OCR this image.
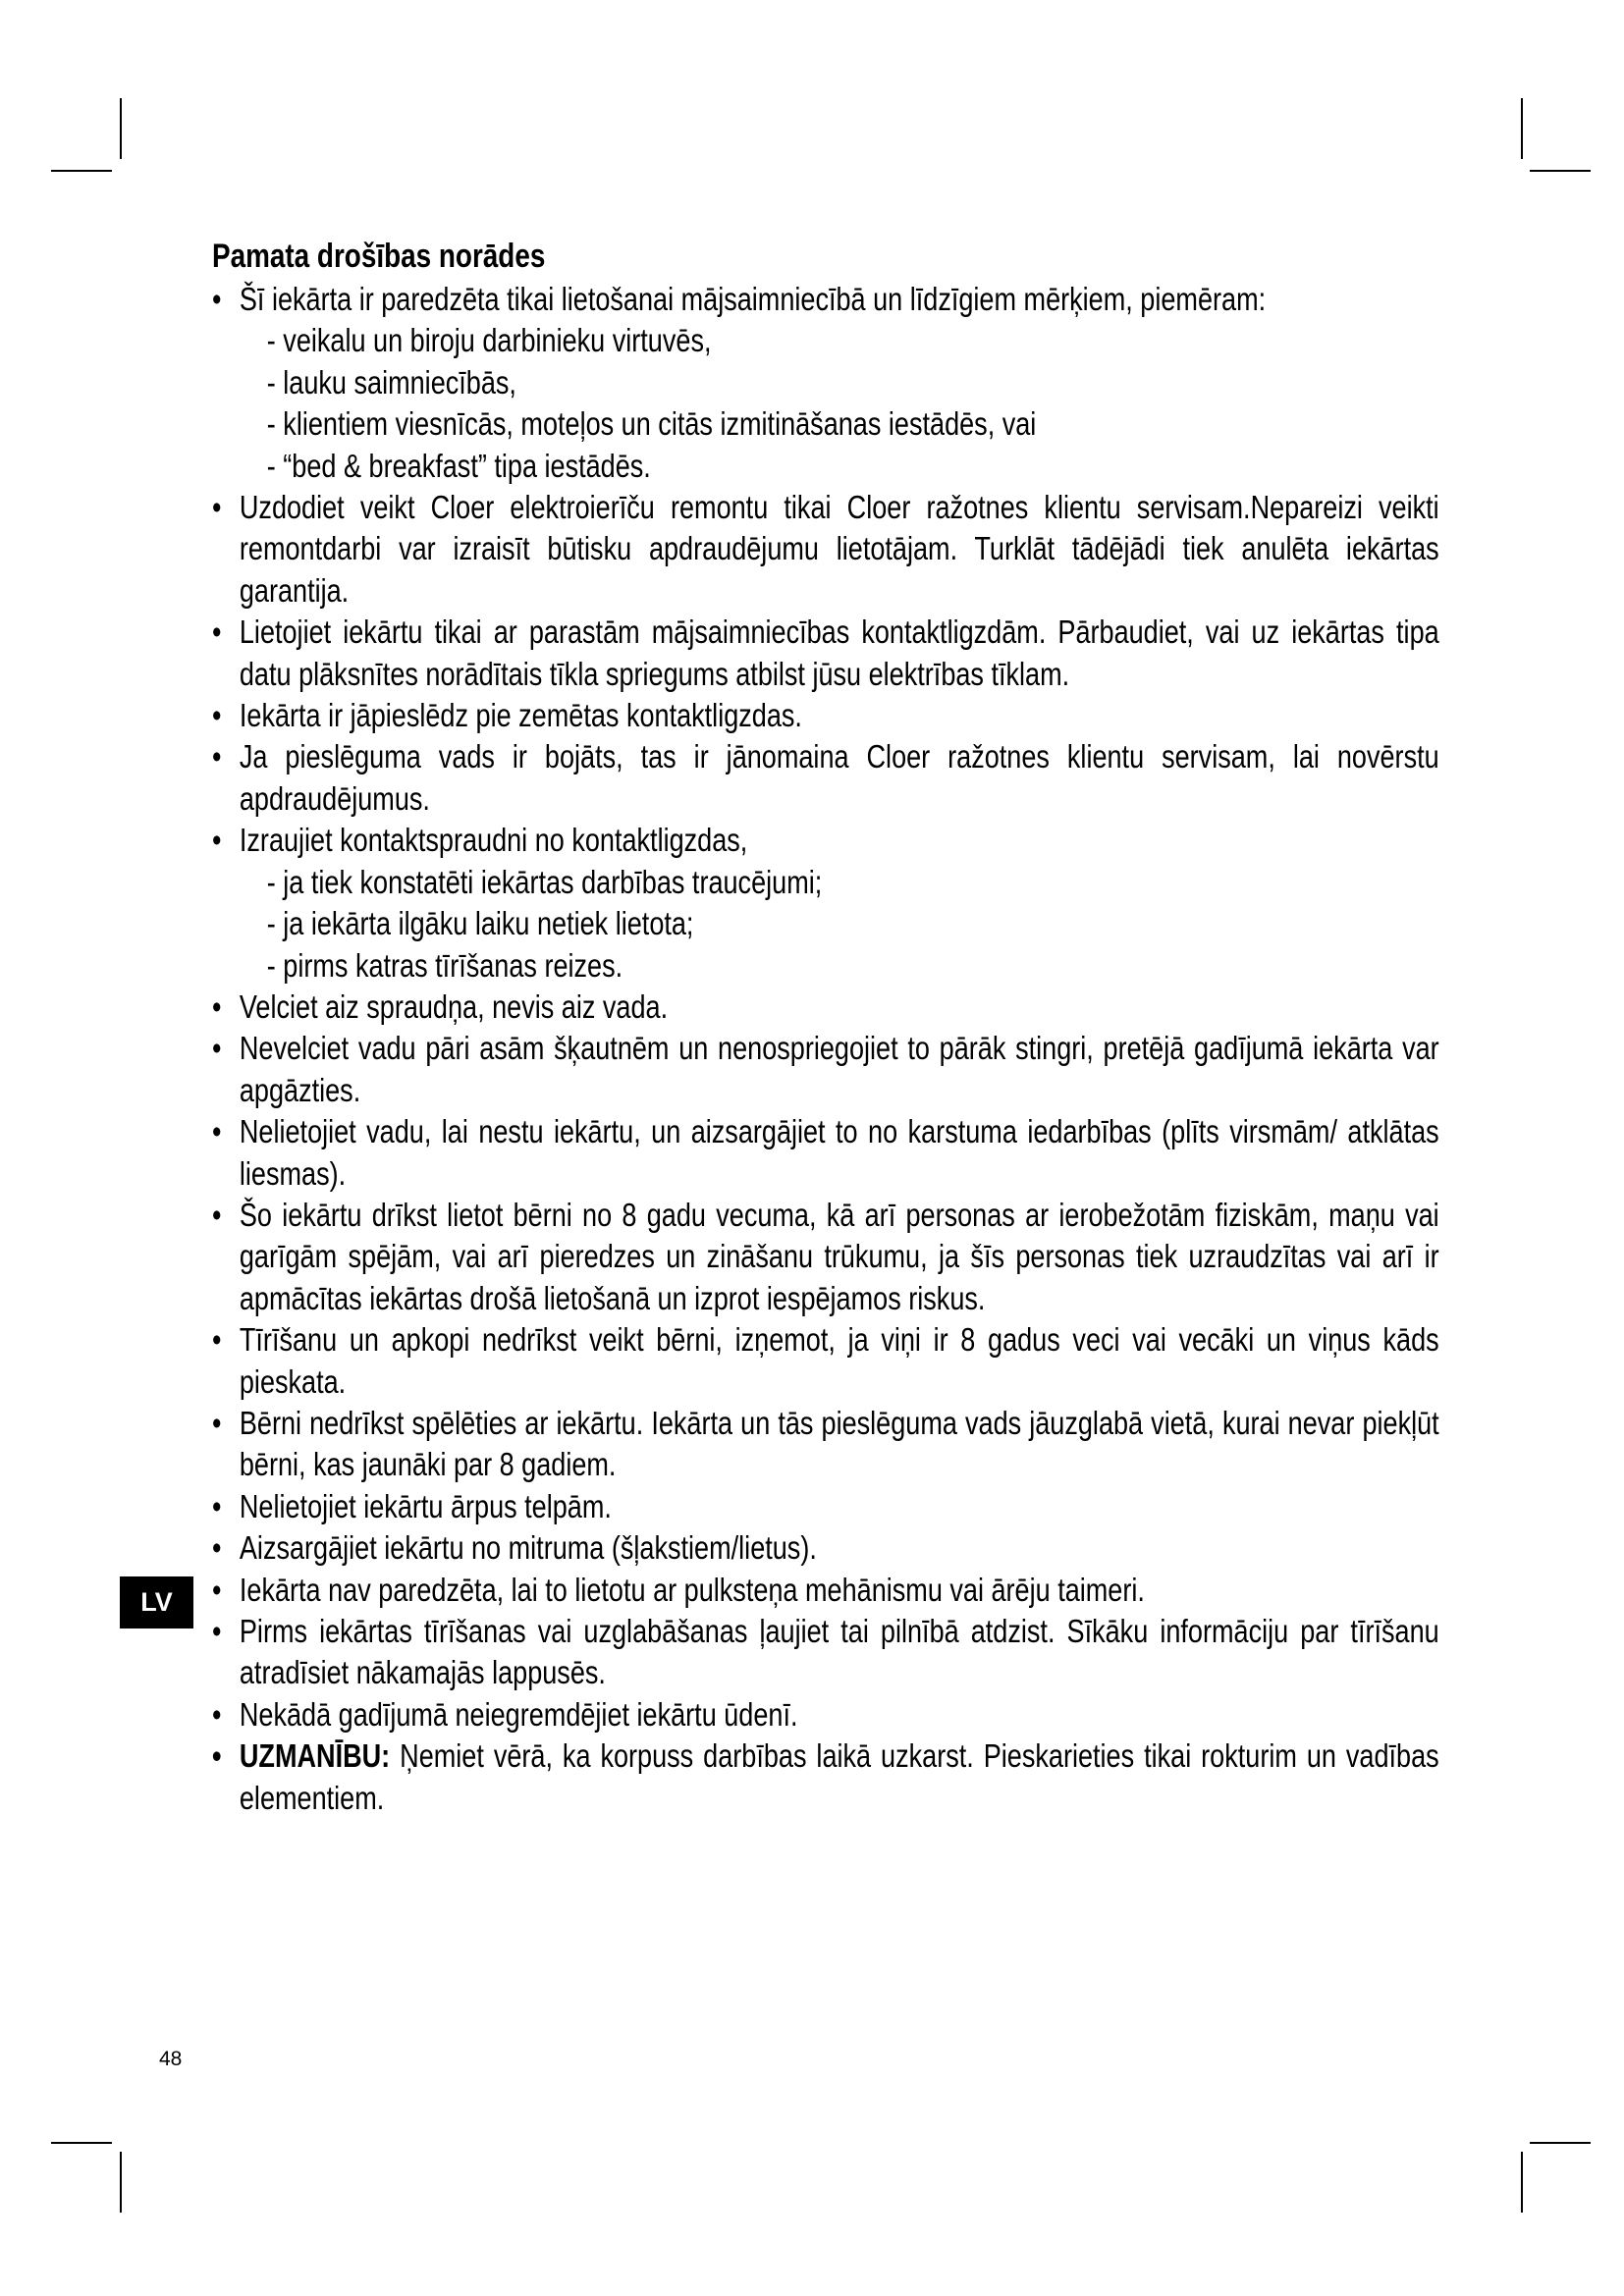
Pamata drošības norādes
• Šī iekārta ir paredzēta tikai lietošanai mājsaimniecībā un līdzīgiem mērķiem, piemēram:
- veikalu un biroju darbinieku virtuvēs,
- lauku saimniecībās,
- klientiem viesnīcās, moteļos un citās izmitināšanas iestādēs, vai
- “bed & breakfast” tipa iestādēs.
• Uzdodiet veikt Cloer elektroierīču remontu tikai Cloer ražotnes klientu servisam.Nepareizi veikti remontdarbi var izraisīt būtisku apdraudējumu lietotājam. Turklāt tādējādi tiek anulēta iekārtas garantija.
• Lietojiet iekārtu tikai ar parastām mājsaimniecības kontaktligzdām. Pārbaudiet, vai uz iekārtas tipa datu plāksnītes norādītais tīkla spriegums atbilst jūsu elektrības tīklam.
• Iekārta ir jāpieslēdz pie zemētas kontaktligzdas.
• Ja pieslēguma vads ir bojāts, tas ir jānomaina Cloer ražotnes klientu servisam, lai novērstu apdraudējumus.
• Izraujiet kontaktspraudni no kontaktligzdas,
- ja tiek konstatēti iekārtas darbības traucējumi;
- ja iekārta ilgāku laiku netiek lietota;
- pirms katras tīrīšanas reizes.
• Velciet aiz spraudņa, nevis aiz vada.
• Nevelciet vadu pāri asām šķautnēm un nenospriegojiet to pārāk stingri, pretējā gadījumā iekārta var apgāzties.
• Nelietojiet vadu, lai nestu iekārtu, un aizsargājiet to no karstuma iedarbības (plīts virsmām/ atklātas liesmas).
• Šo iekārtu drīkst lietot bērni no 8 gadu vecuma, kā arī personas ar ierobežotām fiziskām, maņu vai garīgām spējām, vai arī pieredzes un zināšanu trūkumu, ja šīs personas tiek uzraudzītas vai arī ir apmācītas iekārtas drošā lietošanā un izprot iespējamos riskus.
• Tīrīšanu un apkopi nedrīkst veikt bērni, izņemot, ja viņi ir 8 gadus veci vai vecāki un viņus kāds pieskata.
• Bērni nedrīkst spēlēties ar iekārtu. Iekārta un tās pieslēguma vads jāuzglabā vietā, kurai nevar piekļūt bērni, kas jaunāki par 8 gadiem.
• Nelietojiet iekārtu ārpus telpām.
• Aizsargājiet iekārtu no mitruma (šļakstiem/lietus).
• Iekārta nav paredzēta, lai to lietotu ar pulksteņa mehānismu vai ārēju taimeri.
• Pirms iekārtas tīrīšanas vai uzglabāšanas ļaujiet tai pilnībā atdzist. Sīkāku informāciju par tīrīšanu atradīsiet nākamajās lappusēs.
• Nekādā gadījumā neiegremdējiet iekārtu ūdenī.
• UZMANĪBU: Ņemiet vērā, ka korpuss darbības laikā uzkarst. Pieskarieties tikai rokturim un vadības elementiem.
LV
48
